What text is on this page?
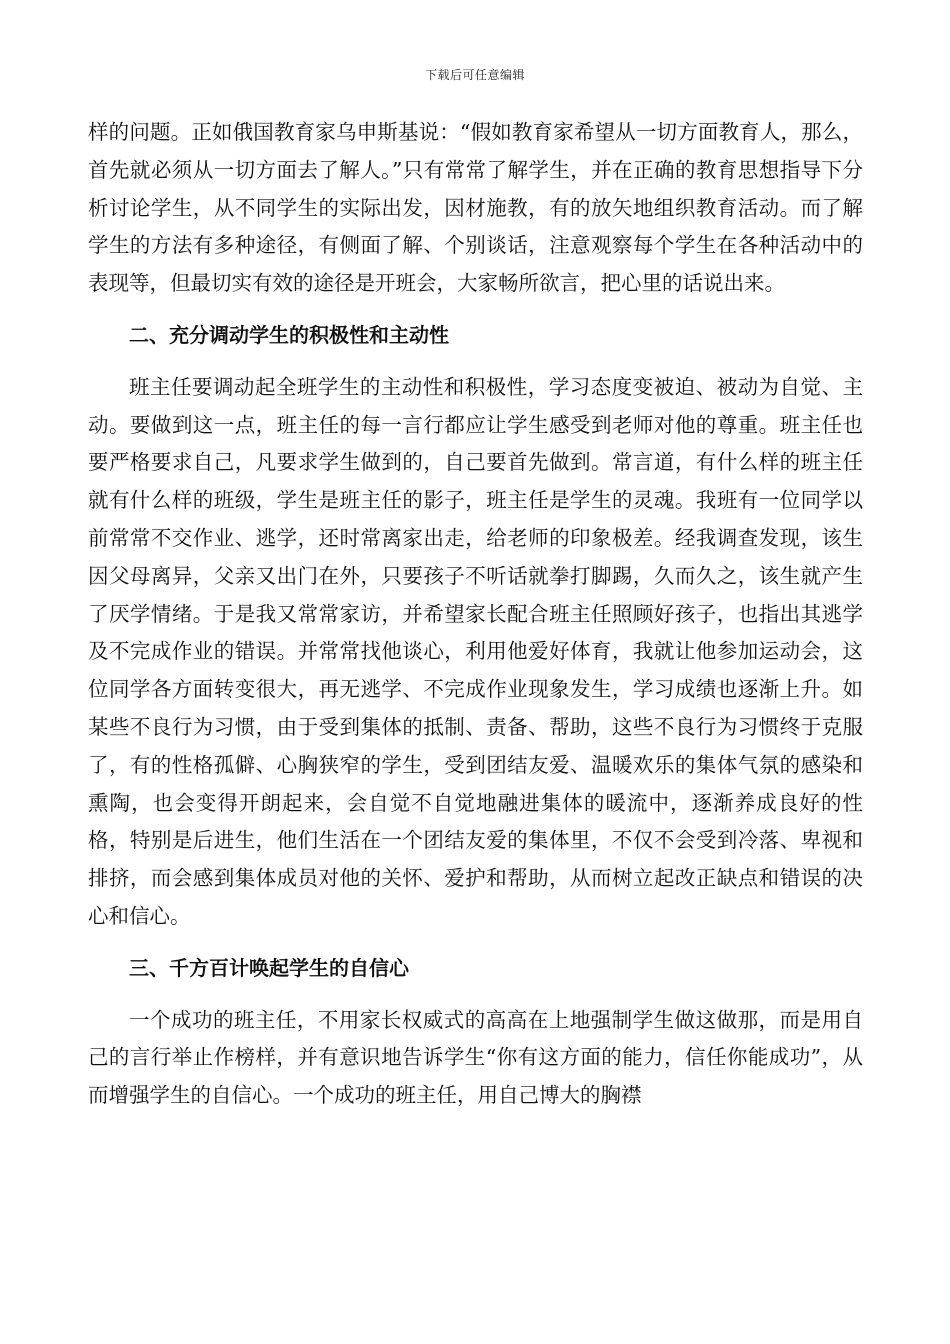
下载后可任意编辑

样的问题。正如俄国教育家乌申斯基说：“假如教育家希望从一切方面教育人，那么，首先就必须从一切方面去了解人。”只有常常了解学生，并在正确的教育思想指导下分析讨论学生，从不同学生的实际出发，因材施教，有的放矢地组织教育活动。而了解学生的方法有多种途径，有侧面了解、个别谈话，注意观察每个学生在各种活动中的表现等，但最切实有效的途径是开班会，大家畅所欲言，把心里的话说出来。

二、充分调动学生的积极性和主动性

班主任要调动起全班学生的主动性和积极性，学习态度变被迫、被动为自觉、主动。要做到这一点，班主任的每一言行都应让学生感受到老师对他的尊重。班主任也要严格要求自己，凡要求学生做到的，自己要首先做到。常言道，有什么样的班主任就有什么样的班级，学生是班主任的影子，班主任是学生的灵魂。我班有一位同学以前常常不交作业、逃学，还时常离家出走，给老师的印象极差。经我调查发现，该生因父母离异，父亲又出门在外，只要孩子不听话就拳打脚踢，久而久之，该生就产生了厌学情绪。于是我又常常家访，并希望家长配合班主任照顾好孩子，也指出其逃学及不完成作业的错误。并常常找他谈心，利用他爱好体育，我就让他参加运动会，这位同学各方面转变很大，再无逃学、不完成作业现象发生，学习成绩也逐渐上升。如某些不良行为习惯，由于受到集体的抵制、责备、帮助，这些不良行为习惯终于克服了，有的性格孤僻、心胸狭窄的学生，受到团结友爱、温暖欢乐的集体气氛的感染和熏陶，也会变得开朗起来，会自觉不自觉地融进集体的暖流中，逐渐养成良好的性格，特别是后进生，他们生活在一个团结友爱的集体里，不仅不会受到冷落、卑视和排挤，而会感到集体成员对他的关怀、爱护和帮助，从而树立起改正缺点和错误的决心和信心。

三、千方百计唤起学生的自信心

一个成功的班主任，不用家长权威式的高高在上地强制学生做这做那，而是用自己的言行举止作榜样，并有意识地告诉学生“你有这方面的能力，信任你能成功”，从而增强学生的自信心。一个成功的班主任，用自己博大的胸襟
